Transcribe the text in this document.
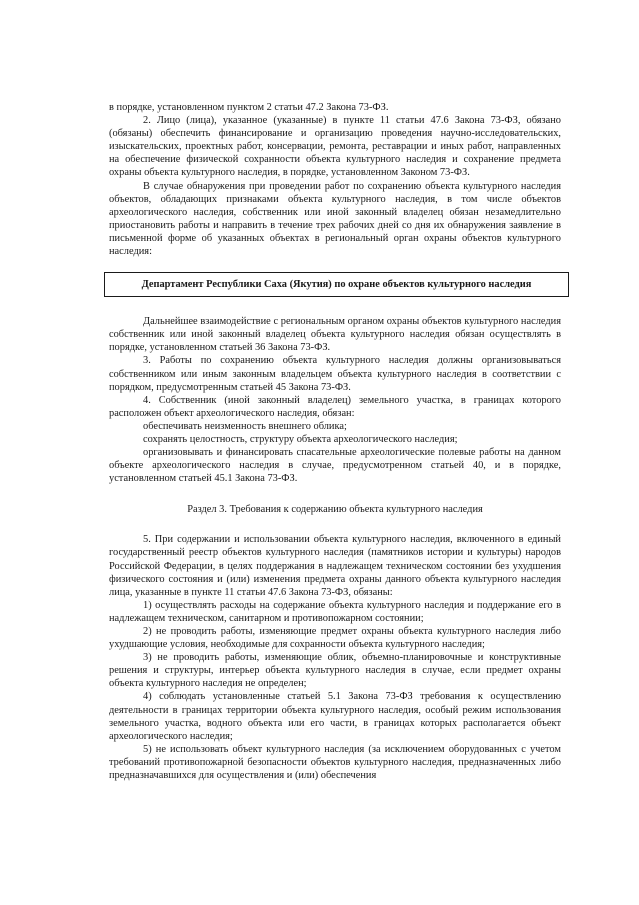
в порядке, установленном пунктом 2 статьи 47.2 Закона 73-ФЗ.

2. Лицо (лица), указанное (указанные) в пункте 11 статьи 47.6 Закона 73-ФЗ, обязано (обязаны) обеспечить финансирование и организацию проведения научно-исследовательских, изыскательских, проектных работ, консервации, ремонта, реставрации и иных работ, направленных на обеспечение физической сохранности объекта культурного наследия и сохранение предмета охраны объекта культурного наследия, в порядке, установленном Законом 73-ФЗ.

В случае обнаружения при проведении работ по сохранению объекта культурного наследия объектов, обладающих признаками объекта культурного наследия, в том числе объектов археологического наследия, собственник или иной законный владелец обязан незамедлительно приостановить работы и направить в течение трех рабочих дней со дня их обнаружения заявление в письменной форме об указанных объектах в региональный орган охраны объектов культурного наследия:

Департамент Республики Саха (Якутия) по охране объектов культурного наследия

Дальнейшее взаимодействие с региональным органом охраны объектов культурного наследия собственник или иной законный владелец объекта культурного наследия обязан осуществлять в порядке, установленном статьей 36 Закона 73-ФЗ.

3. Работы по сохранению объекта культурного наследия должны организовываться собственником или иным законным владельцем объекта культурного наследия в соответствии с порядком, предусмотренным статьей 45 Закона 73-ФЗ.

4. Собственник (иной законный владелец) земельного участка, в границах которого расположен объект археологического наследия, обязан:

обеспечивать неизменность внешнего облика;

сохранять целостность, структуру объекта археологического наследия;

организовывать и финансировать спасательные археологические полевые работы на данном объекте археологического наследия в случае, предусмотренном статьей 40, и в порядке, установленном статьей 45.1 Закона 73-ФЗ.

Раздел 3. Требования к содержанию объекта культурного наследия

5. При содержании и использовании объекта культурного наследия, включенного в единый государственный реестр объектов культурного наследия (памятников истории и культуры) народов Российской Федерации, в целях поддержания в надлежащем техническом состоянии без ухудшения физического состояния и (или) изменения предмета охраны данного объекта культурного наследия лица, указанные в пункте 11 статьи 47.6 Закона 73-ФЗ, обязаны:

1) осуществлять расходы на содержание объекта культурного наследия и поддержание его в надлежащем техническом, санитарном и противопожарном состоянии;

2) не проводить работы, изменяющие предмет охраны объекта культурного наследия либо ухудшающие условия, необходимые для сохранности объекта культурного наследия;

3) не проводить работы, изменяющие облик, объемно-планировочные и конструктивные решения и структуры, интерьер объекта культурного наследия в случае, если предмет охраны объекта культурного наследия не определен;

4) соблюдать установленные статьей 5.1 Закона 73-ФЗ требования к осуществлению деятельности в границах территории объекта культурного наследия, особый режим использования земельного участка, водного объекта или его части, в границах которых располагается объект археологического наследия;

5) не использовать объект культурного наследия (за исключением оборудованных с учетом требований противопожарной безопасности объектов культурного наследия, предназначенных либо предназначавшихся для осуществления и (или) обеспечения
